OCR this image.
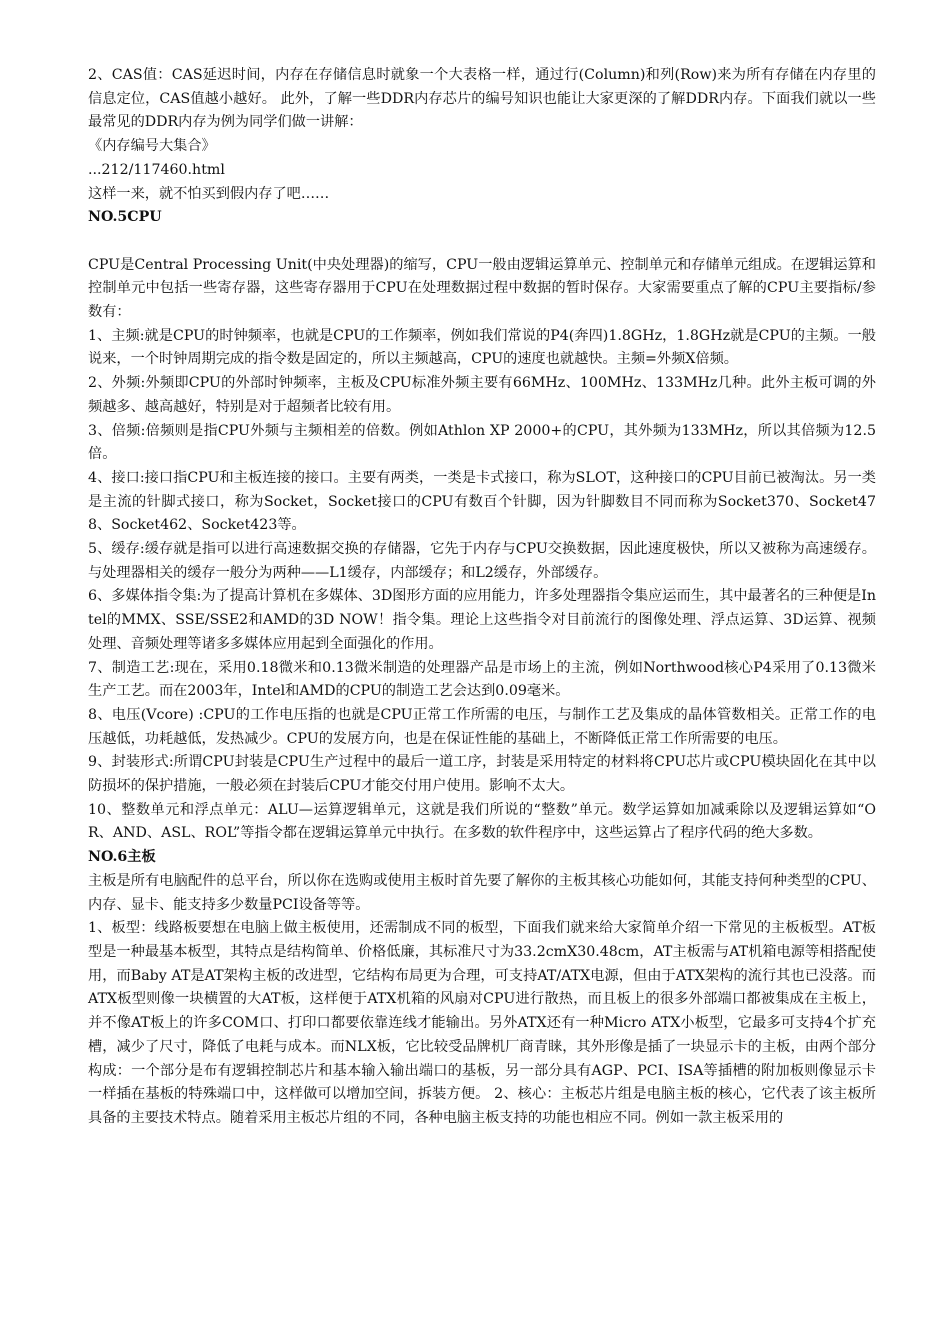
2、CAS值：CAS延迟时间，内存在存储信息时就象一个大表格一样，通过行(Column)和列(Row)来为所有存储在内存里的信息定位，CAS值越小越好。 此外，了解一些DDR内存芯片的编号知识也能让大家更深的了解DDR内存。下面我们就以一些最常见的DDR内存为例为同学们做一讲解：

《内存编号大集合》

...212/117460.html

这样一来，就不怕买到假内存了吧……

NO.5CPU

CPU是Central Processing Unit(中央处理器)的缩写，CPU一般由逻辑运算单元、控制单元和存储单元组成。在逻辑运算和控制单元中包括一些寄存器，这些寄存器用于CPU在处理数据过程中数据的暂时保存。大家需要重点了解的CPU主要指标/参数有：

1、主频:就是CPU的时钟频率，也就是CPU的工作频率，例如我们常说的P4(奔四)1.8GHz，1.8GHz就是CPU的主频。一般说来，一个时钟周期完成的指令数是固定的，所以主频越高，CPU的速度也就越快。主频=外频X倍频。

2、外频:外频即CPU的外部时钟频率，主板及CPU标准外频主要有66MHz、100MHz、133MHz几种。此外主板可调的外频越多、越高越好，特别是对于超频者比较有用。

3、倍频:倍频则是指CPU外频与主频相差的倍数。例如Athlon XP 2000+的CPU，其外频为133MHz，所以其倍频为12.5倍。

4、接口:接口指CPU和主板连接的接口。主要有两类，一类是卡式接口，称为SLOT，这种接口的CPU目前已被淘汰。另一类是主流的针脚式接口，称为Socket，Socket接口的CPU有数百个针脚，因为针脚数目不同而称为Socket370、Socket478、Socket462、Socket423等。

5、缓存:缓存就是指可以进行高速数据交换的存储器，它先于内存与CPU交换数据，因此速度极快，所以又被称为高速缓存。与处理器相关的缓存一般分为两种——L1缓存，内部缓存；和L2缓存，外部缓存。

6、多媒体指令集:为了提高计算机在多媒体、3D图形方面的应用能力，许多处理器指令集应运而生，其中最著名的三种便是Intel的MMX、SSE/SSE2和AMD的3D NOW！指令集。理论上这些指令对目前流行的图像处理、浮点运算、3D运算、视频处理、音频处理等诸多多媒体应用起到全面强化的作用。

7、制造工艺:现在，采用0.18微米和0.13微米制造的处理器产品是市场上的主流，例如Northwood核心P4采用了0.13微米生产工艺。而在2003年，Intel和AMD的CPU的制造工艺会达到0.09毫米。

8、电压(Vcore) :CPU的工作电压指的也就是CPU正常工作所需的电压，与制作工艺及集成的晶体管数相关。正常工作的电压越低，功耗越低，发热减少。CPU的发展方向，也是在保证性能的基础上，不断降低正常工作所需要的电压。

9、封装形式:所谓CPU封装是CPU生产过程中的最后一道工序，封装是采用特定的材料将CPU芯片或CPU模块固化在其中以防损坏的保护措施，一般必须在封装后CPU才能交付用户使用。影响不太大。

10、整数单元和浮点单元：ALU—运算逻辑单元，这就是我们所说的“整数”单元。数学运算如加减乘除以及逻辑运算如“OR、AND、ASL、ROL”等指令都在逻辑运算单元中执行。在多数的软件程序中，这些运算占了程序代码的绝大多数。

NO.6主板

主板是所有电脑配件的总平台，所以你在选购或使用主板时首先要了解你的主板其核心功能如何，其能支持何种类型的CPU、内存、显卡、能支持多少数量PCI设备等等。

1、板型：线路板要想在电脑上做主板使用，还需制成不同的板型，下面我们就来给大家简单介绍一下常见的主板板型。AT板型是一种最基本板型，其特点是结构简单、价格低廉，其标准尺寸为33.2cmX30.48cm，AT主板需与AT机箱电源等相搭配使用，而Baby AT是AT架构主板的改进型，它结构布局更为合理，可支持AT/ATX电源，但由于ATX架构的流行其也已没落。而ATX板型则像一块横置的大AT板，这样便于ATX机箱的风扇对CPU进行散热，而且板上的很多外部端口都被集成在主板上，并不像AT板上的许多COM口、打印口都要依靠连线才能输出。另外ATX还有一种Micro ATX小板型，它最多可支持4个扩充槽，减少了尺寸，降低了电耗与成本。而NLX板，它比较受品牌机厂商青睐，其外形像是插了一块显示卡的主板，由两个部分构成：一个部分是布有逻辑控制芯片和基本输入输出端口的基板，另一部分具有AGP、PCI、ISA等插槽的附加板则像显示卡一样插在基板的特殊端口中，这样做可以增加空间，拆装方便。 2、核心：主板芯片组是电脑主板的核心，它代表了该主板所具备的主要技术特点。随着采用主板芯片组的不同，各种电脑主板支持的功能也相应不同。例如一款主板采用的
